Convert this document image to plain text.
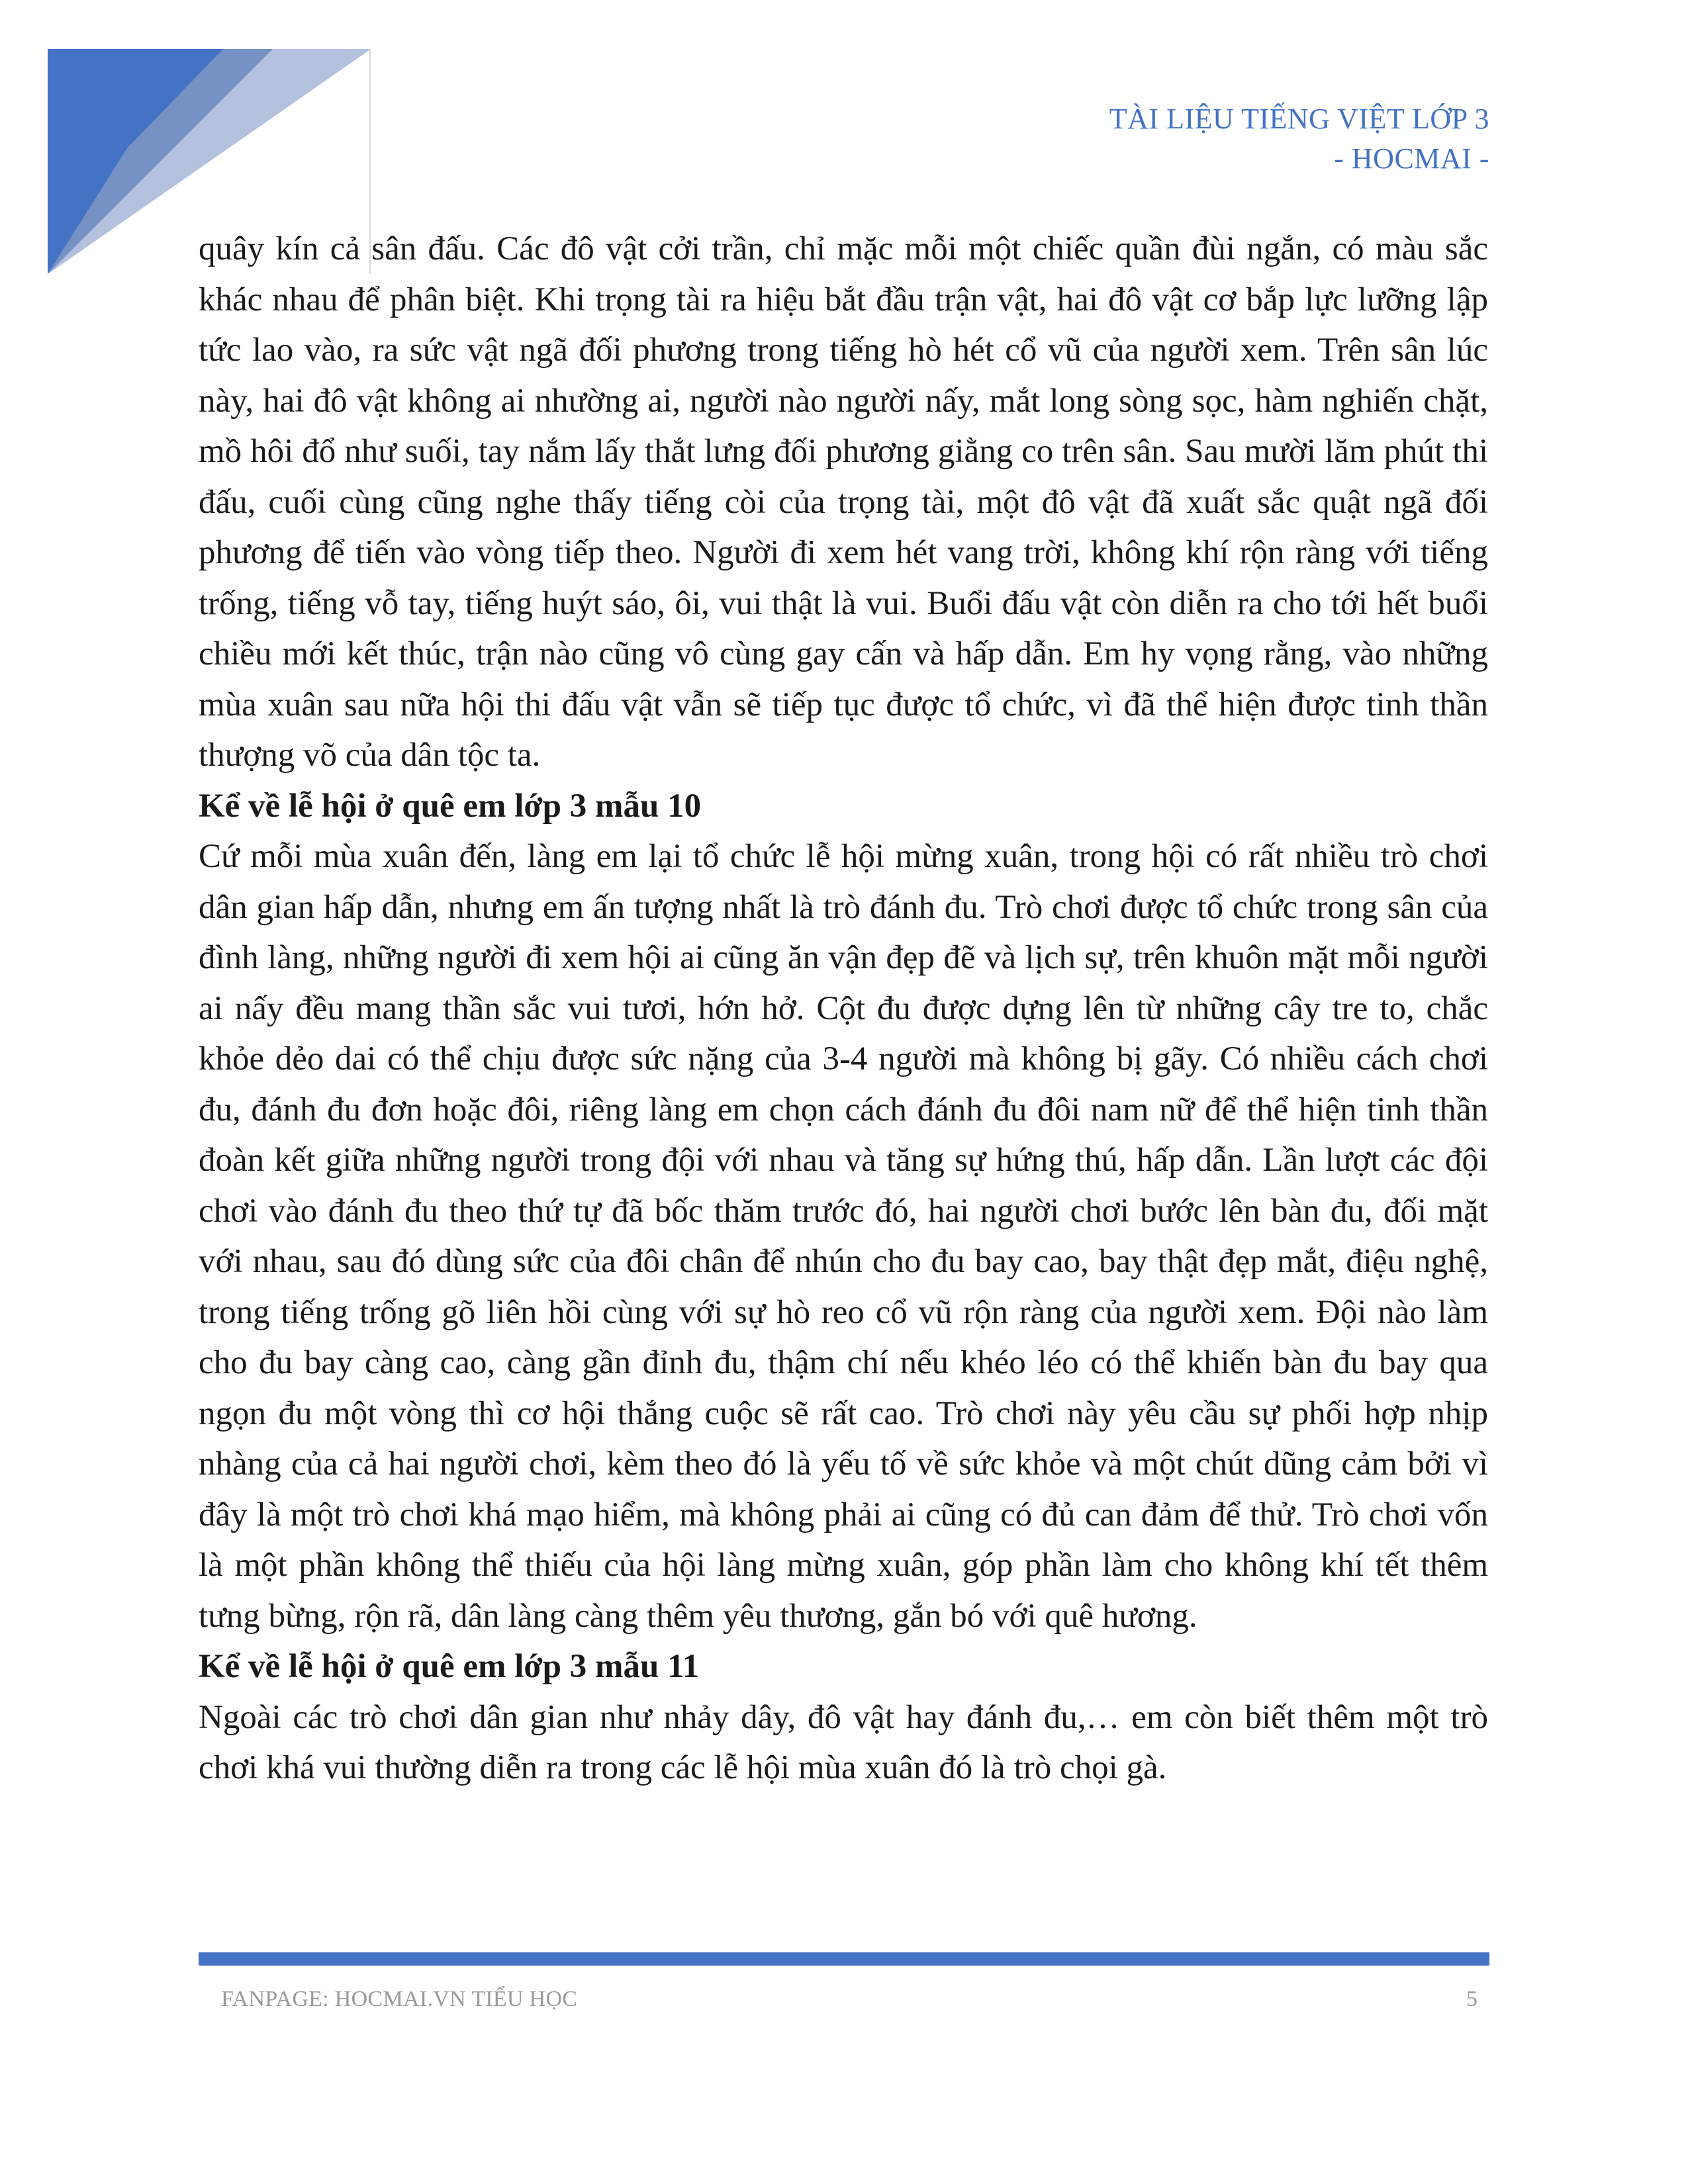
TÀI LIỆU TIẾNG VIỆT LỚP 3
- HOCMAI -

quây kín cả sân đấu. Các đô vật cởi trần, chỉ mặc mỗi một chiếc quần đùi ngắn, có màu sắc khác nhau để phân biệt. Khi trọng tài ra hiệu bắt đầu trận vật, hai đô vật cơ bắp lực lưỡng lập tức lao vào, ra sức vật ngã đối phương trong tiếng hò hét cổ vũ của người xem. Trên sân lúc này, hai đô vật không ai nhường ai, người nào người nấy, mắt long sòng sọc, hàm nghiến chặt, mồ hôi đổ như suối, tay nắm lấy thắt lưng đối phương giằng co trên sân. Sau mười lăm phút thi đấu, cuối cùng cũng nghe thấy tiếng còi của trọng tài, một đô vật đã xuất sắc quật ngã đối phương để tiến vào vòng tiếp theo. Người đi xem hét vang trời, không khí rộn ràng với tiếng trống, tiếng vỗ tay, tiếng huýt sáo, ôi, vui thật là vui. Buổi đấu vật còn diễn ra cho tới hết buổi chiều mới kết thúc, trận nào cũng vô cùng gay cấn và hấp dẫn. Em hy vọng rằng, vào những mùa xuân sau nữa hội thi đấu vật vẫn sẽ tiếp tục được tổ chức, vì đã thể hiện được tinh thần thượng võ của dân tộc ta.

Kể về lễ hội ở quê em lớp 3 mẫu 10

Cứ mỗi mùa xuân đến, làng em lại tổ chức lễ hội mừng xuân, trong hội có rất nhiều trò chơi dân gian hấp dẫn, nhưng em ấn tượng nhất là trò đánh đu. Trò chơi được tổ chức trong sân của đình làng, những người đi xem hội ai cũng ăn vận đẹp đẽ và lịch sự, trên khuôn mặt mỗi người ai nấy đều mang thần sắc vui tươi, hớn hở. Cột đu được dựng lên từ những cây tre to, chắc khỏe dẻo dai có thể chịu được sức nặng của 3-4 người mà không bị gãy. Có nhiều cách chơi đu, đánh đu đơn hoặc đôi, riêng làng em chọn cách đánh đu đôi nam nữ để thể hiện tinh thần đoàn kết giữa những người trong đội với nhau và tăng sự hứng thú, hấp dẫn. Lần lượt các đội chơi vào đánh đu theo thứ tự đã bốc thăm trước đó, hai người chơi bước lên bàn đu, đối mặt với nhau, sau đó dùng sức của đôi chân để nhún cho đu bay cao, bay thật đẹp mắt, điệu nghệ, trong tiếng trống gõ liên hồi cùng với sự hò reo cổ vũ rộn ràng của người xem. Đội nào làm cho đu bay càng cao, càng gần đỉnh đu, thậm chí nếu khéo léo có thể khiến bàn đu bay qua ngọn đu một vòng thì cơ hội thắng cuộc sẽ rất cao. Trò chơi này yêu cầu sự phối hợp nhịp nhàng của cả hai người chơi, kèm theo đó là yếu tố về sức khỏe và một chút dũng cảm bởi vì đây là một trò chơi khá mạo hiểm, mà không phải ai cũng có đủ can đảm để thử. Trò chơi vốn là một phần không thể thiếu của hội làng mừng xuân, góp phần làm cho không khí tết thêm tưng bừng, rộn rã, dân làng càng thêm yêu thương, gắn bó với quê hương.

Kể về lễ hội ở quê em lớp 3 mẫu 11

Ngoài các trò chơi dân gian như nhảy dây, đô vật hay đánh đu,… em còn biết thêm một trò chơi khá vui thường diễn ra trong các lễ hội mùa xuân đó là trò chọi gà.

FANPAGE: HOCMAI.VN TIỂU HỌC	5
